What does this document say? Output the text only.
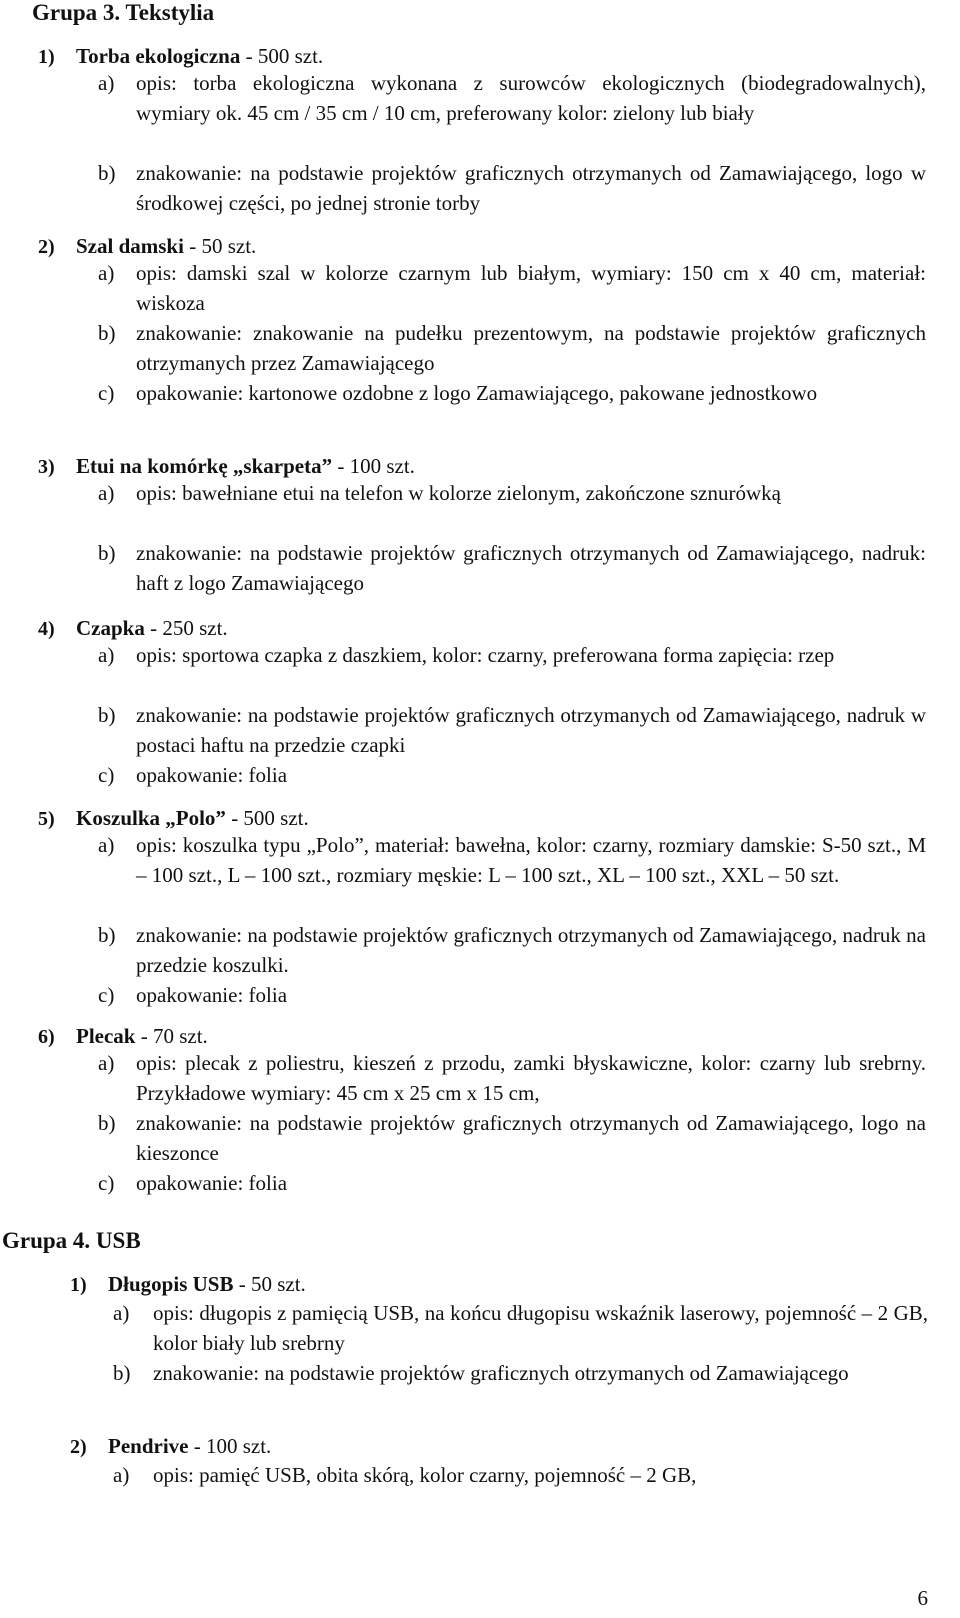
Grupa 3. Tekstylia
1) Torba ekologiczna - 500 szt.
a) opis: torba ekologiczna wykonana z surowców ekologicznych (biodegradowalnych), wymiary ok. 45 cm / 35 cm / 10 cm, preferowany kolor: zielony lub biały
b) znakowanie: na podstawie projektów graficznych otrzymanych od Zamawiającego, logo w środkowej części, po jednej stronie torby
2) Szal damski - 50 szt.
a) opis: damski szal w kolorze czarnym lub białym, wymiary: 150 cm x 40 cm, materiał: wiskoza
b) znakowanie: znakowanie na pudełku prezentowym, na podstawie projektów graficznych otrzymanych przez Zamawiającego
c) opakowanie: kartonowe ozdobne z logo Zamawiającego, pakowane jednostkowo
3) Etui na komórkę „skarpeta” - 100 szt.
a) opis: bawełniane etui na telefon w kolorze zielonym, zakończone sznurówką
b) znakowanie: na podstawie projektów graficznych otrzymanych od Zamawiającego, nadruk: haft z logo Zamawiającego
4) Czapka - 250 szt.
a) opis: sportowa czapka z daszkiem, kolor: czarny, preferowana forma zapięcia: rzep
b) znakowanie: na podstawie projektów graficznych otrzymanych od Zamawiającego, nadruk w postaci haftu na przedzie czapki
c) opakowanie: folia
5) Koszulka „Polo” - 500 szt.
a) opis: koszulka typu „Polo”, materiał: bawełna, kolor: czarny, rozmiary damskie: S-50 szt., M – 100 szt., L – 100 szt., rozmiary męskie: L – 100 szt., XL – 100 szt., XXL – 50 szt.
b) znakowanie: na podstawie projektów graficznych otrzymanych od Zamawiającego, nadruk na przedzie koszulki.
c) opakowanie: folia
6) Plecak - 70 szt.
a) opis: plecak z poliestru, kieszeń z przodu, zamki błyskawiczne, kolor: czarny lub srebrny. Przykładowe wymiary: 45 cm x 25 cm x 15 cm,
b) znakowanie: na podstawie projektów graficznych otrzymanych od Zamawiającego, logo na kieszonce
c) opakowanie: folia
Grupa 4. USB
1) Długopis USB - 50 szt.
a) opis: długopis z pamięcią USB, na końcu długopisu wskaźnik laserowy, pojemność – 2 GB, kolor biały lub srebrny
b) znakowanie: na podstawie projektów graficznych otrzymanych od Zamawiającego
2) Pendrive - 100 szt.
a) opis: pamięć USB, obita skórą, kolor czarny, pojemność – 2 GB,
6
